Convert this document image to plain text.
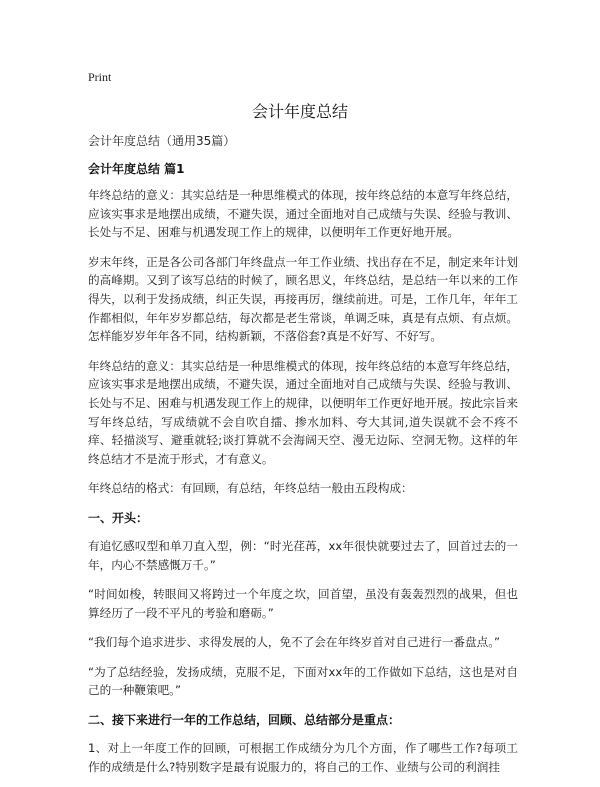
Print
会计年度总结

会计年度总结（通用35篇）

会计年度总结 篇1

年终总结的意义：其实总结是一种思维模式的体现，按年终总结的本意写年终总结，应该实事求是地摆出成绩，不避失误，通过全面地对自己成绩与失误、经验与教训、长处与不足、困难与机遇发现工作上的规律，以便明年工作更好地开展。

岁末年终，正是各公司各部门年终盘点一年工作业绩、找出存在不足，制定来年计划的高峰期。又到了该写总结的时候了，顾名思义，年终总结，是总结一年以来的工作得失，以利于发扬成绩，纠正失误，再接再厉，继续前进。可是，工作几年，年年工作都相似，年年岁岁都总结，每次都是老生常谈，单调乏味，真是有点烦、有点烦。怎样能岁岁年年各不同，结构新颖，不落俗套?真是不好写、不好写。

年终总结的意义：其实总结是一种思维模式的体现，按年终总结的本意写年终总结，应该实事求是地摆出成绩，不避失误，通过全面地对自己成绩与失误、经验与教训、长处与不足、困难与机遇发现工作上的规律，以便明年工作更好地开展。按此宗旨来写年终总结，写成绩就不会自吹自擂、掺水加料、夸大其词,道失误就不会不疼不痒、轻描淡写、避重就轻;谈打算就不会海阔天空、漫无边际、空洞无物。这样的年终总结才不是流于形式，才有意义。

年终总结的格式：有回顾，有总结，年终总结一般由五段构成：

一、开头：

有追忆感叹型和单刀直入型，例：“时光荏苒，xx年很快就要过去了，回首过去的一年，内心不禁感慨万千。”

“时间如梭，转眼间又将跨过一个年度之坎，回首望，虽没有轰轰烈烈的战果，但也算经历了一段不平凡的考验和磨砺。”

“我们每个追求进步、求得发展的人，免不了会在年终岁首对自己进行一番盘点。”

“为了总结经验，发扬成绩，克服不足，下面对xx年的工作做如下总结，这也是对自己的一种鞭策吧。”

二、接下来进行一年的工作总结，回顾、总结部分是重点：

1、对上一年度工作的回顾，可根据工作成绩分为几个方面，作了哪些工作?每项工作的成绩是什么?特别数字是最有说服力的，将自己的工作、业绩与公司的利润挂
